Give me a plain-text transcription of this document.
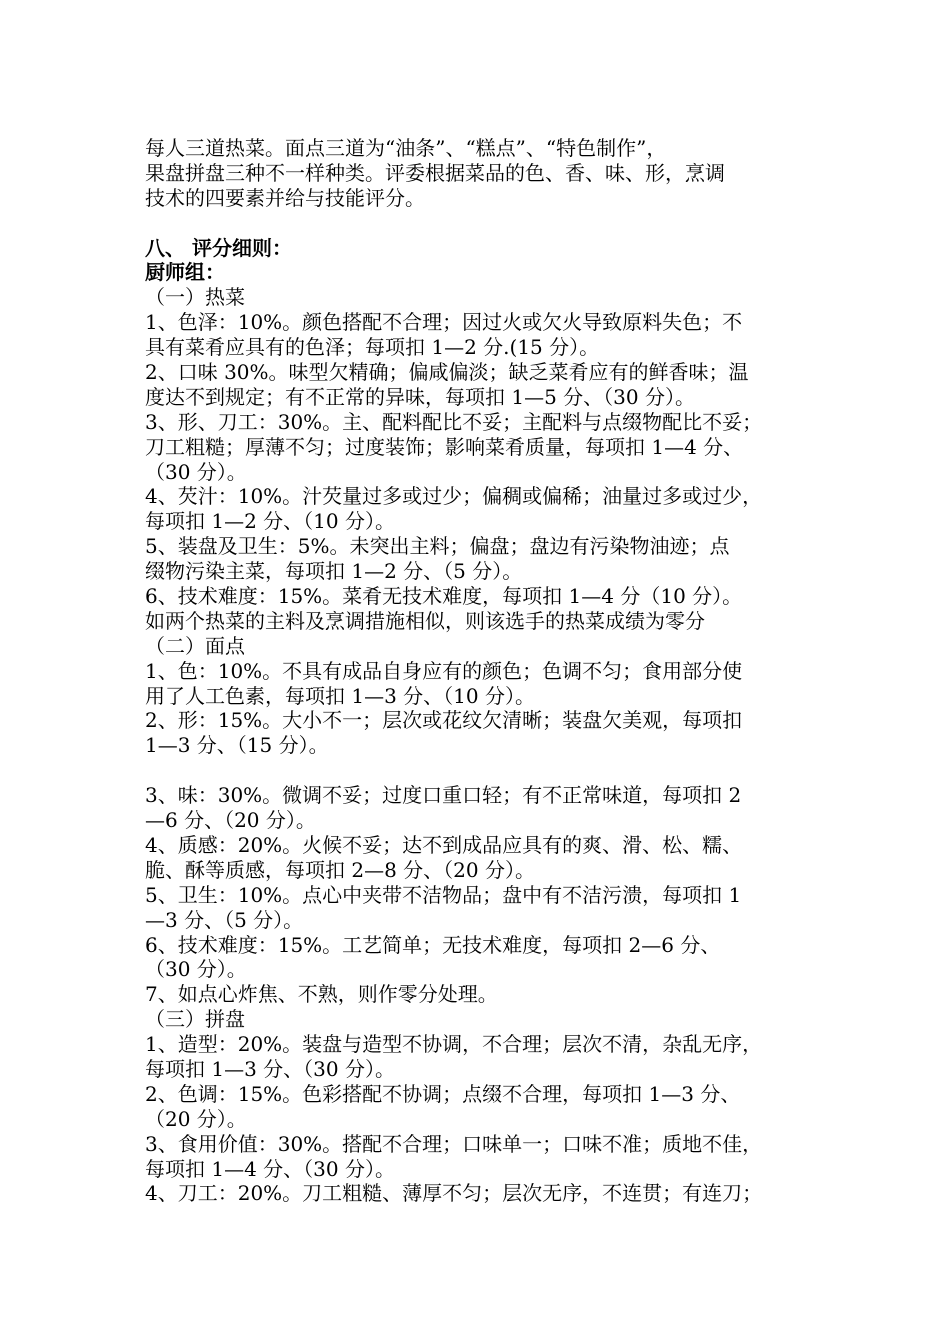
每人三道热菜。面点三道为“油条”、“糕点”、“特色制作”，
果盘拼盘三种不一样种类。评委根据菜品的色、香、味、形，烹调
技术的四要素并给与技能评分。
八、 评分细则：
厨师组：
（一）热菜
1、色泽：10%。颜色搭配不合理；因过火或欠火导致原料失色；不
具有菜肴应具有的色泽；每项扣 1—2 分.(15 分）。
2、口味 30%。味型欠精确；偏咸偏淡；缺乏菜肴应有的鲜香味；温
度达不到规定；有不正常的异味，每项扣 1—5 分、（30 分）。
3、形、刀工：30%。主、配料配比不妥；主配料与点缀物配比不妥；
刀工粗糙；厚薄不匀；过度装饰；影响菜肴质量，每项扣 1—4 分、
（30 分）。
4、芡汁：10%。汁芡量过多或过少；偏稠或偏稀；油量过多或过少，
每项扣 1—2 分、（10 分）。
5、装盘及卫生：5%。未突出主料；偏盘；盘边有污染物油迹；点
缀物污染主菜，每项扣 1—2 分、（5 分）。
6、技术难度：15%。菜肴无技术难度，每项扣 1—4 分（10 分）。
如两个热菜的主料及烹调措施相似，则该选手的热菜成绩为零分
（二）面点
1、色：10%。不具有成品自身应有的颜色；色调不匀；食用部分使
用了人工色素，每项扣 1—3 分、（10 分）。
2、形：15%。大小不一；层次或花纹欠清晰；装盘欠美观，每项扣
1—3 分、（15 分）。
3、味：30%。微调不妥；过度口重口轻；有不正常味道，每项扣 2
—6 分、（20 分）。
4、质感：20%。火候不妥；达不到成品应具有的爽、滑、松、糯、
脆、酥等质感，每项扣 2—8 分、（20 分）。
5、卫生：10%。点心中夹带不洁物品；盘中有不洁污溃，每项扣 1
—3 分、（5 分）。
6、技术难度：15%。工艺简单；无技术难度，每项扣 2—6 分、
（30 分）。
7、如点心炸焦、不熟，则作零分处理。
（三）拼盘
1、造型：20%。装盘与造型不协调，不合理；层次不清，杂乱无序，
每项扣 1—3 分、（30 分）。
2、色调：15%。色彩搭配不协调；点缀不合理，每项扣 1—3 分、
（20 分）。
3、食用价值：30%。搭配不合理；口味单一；口味不准；质地不佳，
每项扣 1—4 分、（30 分）。
4、刀工：20%。刀工粗糙、薄厚不匀；层次无序，不连贯；有连刀；
